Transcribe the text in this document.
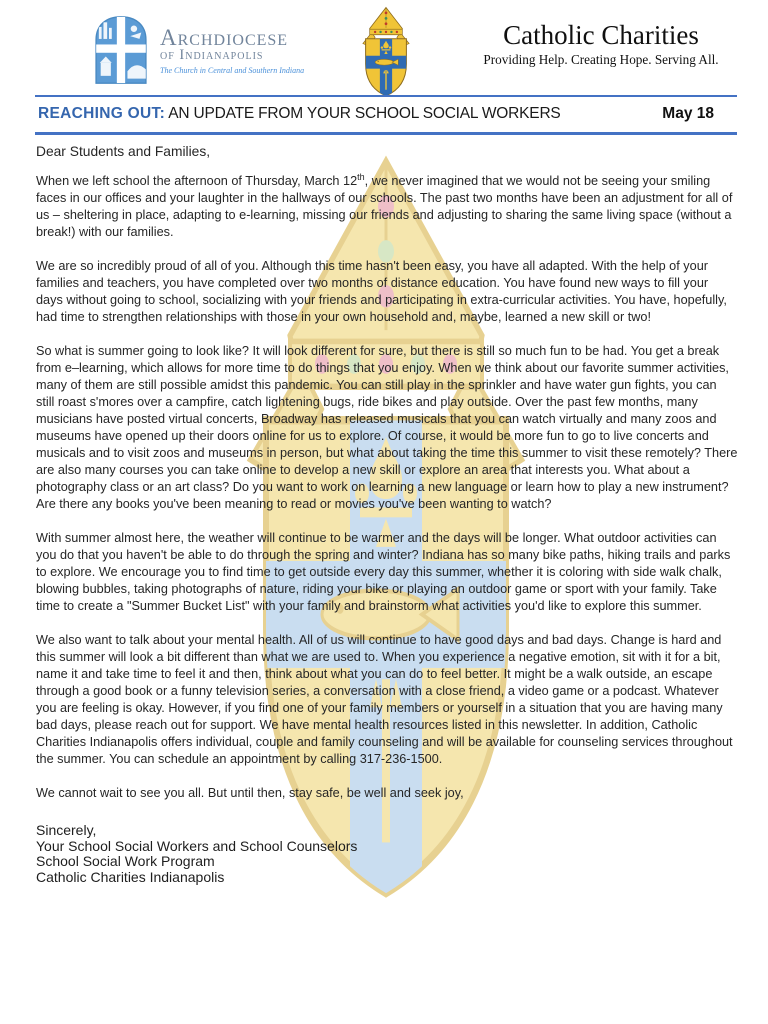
Archdiocese
of Indianapolis
The Church in Central and Southern Indiana
Catholic Charities
Providing Help. Creating Hope. Serving All.
REACHING OUT: AN UPDATE FROM YOUR SCHOOL SOCIAL WORKERS	May 18

Dear Students and Families,

When we left school the afternoon of Thursday, March 12th, we never imagined that we would not be seeing your smiling faces in our offices and your laughter in the hallways of our schools. The past two months have been an adjustment for all of us – sheltering in place, adapting to e-learning, missing our friends and adjusting to sharing the same living space (without a break!) with our families.

We are so incredibly proud of all of you. Although this time hasn't been easy, you have all adapted. With the help of your families and teachers, you have completed over two months of distance education. You have found new ways to fill your days without going to school, socializing with your friends and participating in extra-curricular activities. You have, hopefully, had time to strengthen relationships with those in your own household and, maybe, learned a new skill or two!

So what is summer going to look like? It will look different for sure, but there is still so much fun to be had. You get a break from e–learning, which allows for more time to do things that you enjoy. When we think about our favorite summer activities, many of them are still possible amidst this pandemic. You can still play in the sprinkler and have water gun fights, you can still roast s'mores over a campfire, catch lightening bugs, ride bikes and play outside. Over the past few months, many musicians have posted virtual concerts, Broadway has released musicals that you can watch virtually and many zoos and museums have opened up their doors online for us to explore. Of course, it would be more fun to go to live concerts and musicals and to visit zoos and museums in person, but what about taking the time this summer to visit these remotely? There are also many courses you can take online to develop a new skill or explore an area that interests you. What about a photography class or an art class? Do you want to work on learning a new language or learn how to play a new instrument? Are there any books you've been meaning to read or movies you've been wanting to watch?

With summer almost here, the weather will continue to be warmer and the days will be longer. What outdoor activities can you do that you haven't be able to do through the spring and winter? Indiana has so many bike paths, hiking trails and parks to explore. We encourage you to find time to get outside every day this summer, whether it is coloring with side walk chalk, blowing bubbles, taking photographs of nature, riding your bike or playing an outdoor game or sport with your family. Take time to create a "Summer Bucket List" with your family and brainstorm what activities you'd like to explore this summer.

We also want to talk about your mental health. All of us will continue to have good days and bad days. Change is hard and this summer will look a bit different than what we are used to. When you experience a negative emotion, sit with it for a bit, name it and take time to feel it and then, think about what you can do to feel better. It might be a walk outside, an escape through a good book or a funny television series, a conversation with a close friend, a video game or a podcast. Whatever you are feeling is okay. However, if you find one of your family members or yourself in a situation that you are having many bad days, please reach out for support. We have mental health resources listed in this newsletter. In addition, Catholic Charities Indianapolis offers individual, couple and family counseling and will be available for counseling services throughout the summer. You can schedule an appointment by calling 317-236-1500.

We cannot wait to see you all. But until then, stay safe, be well and seek joy,

Sincerely,
Your School Social Workers and School Counselors
School Social Work Program
Catholic Charities Indianapolis
